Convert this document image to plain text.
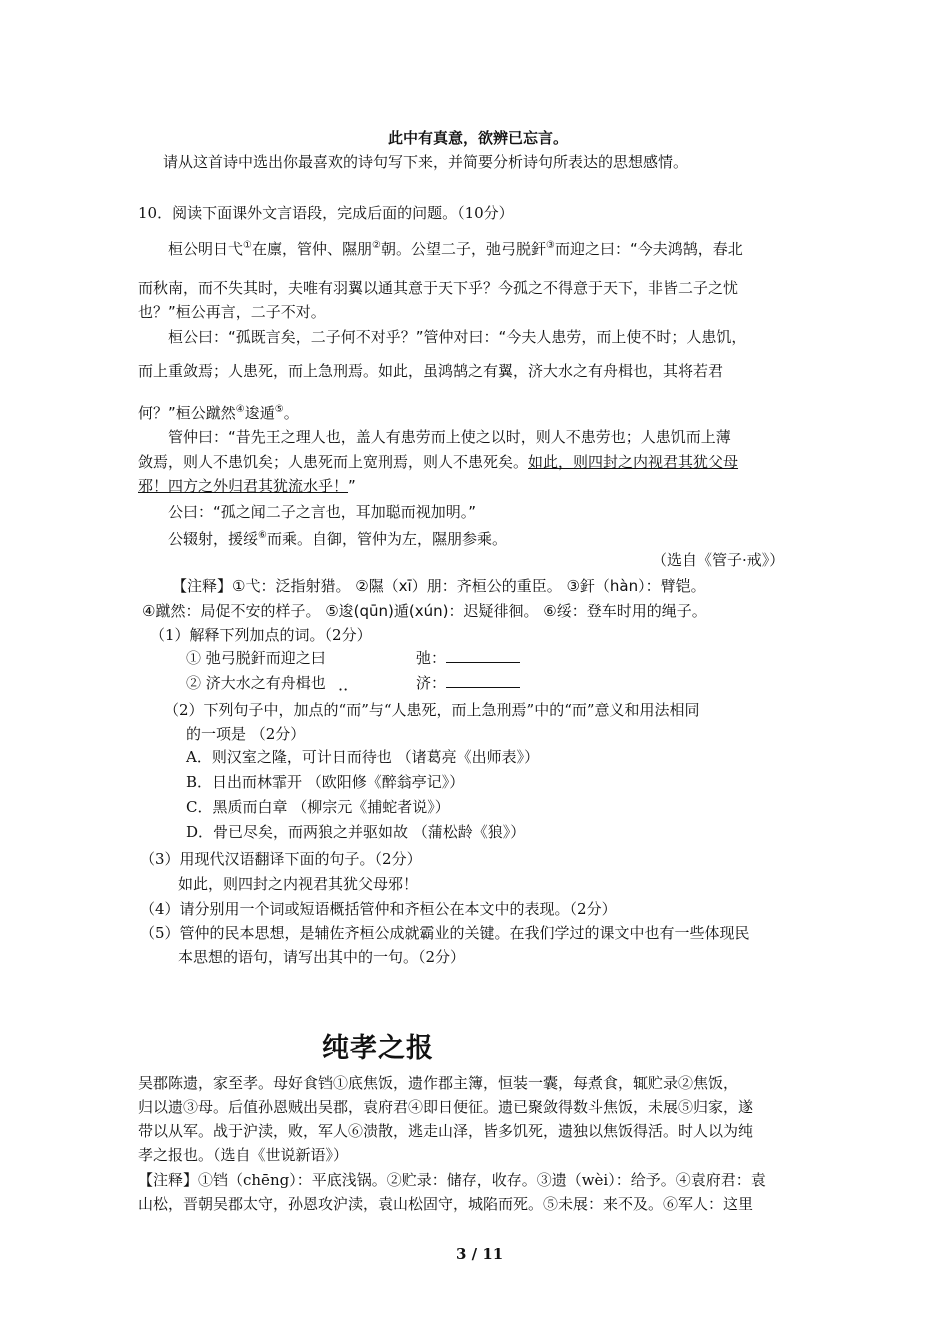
此中有真意，欲辨已忘言。
请从这首诗中选出你最喜欢的诗句写下来，并简要分析诗句所表达的思想感情。
10．阅读下面课外文言语段，完成后面的问题。（10分）
桓公明日弋①在廪，管仲、隰朋②朝。公望二子，弛弓脱釬③而迎之曰：“今夫鸿鹄，春北
而秋南，而不失其时，夫唯有羽翼以通其意于天下乎？今孤之不得意于天下，非皆二子之忧
也？”桓公再言，二子不对。
桓公曰：“孤既言矣，二子何不对乎？”管仲对曰：“今夫人患劳，而上使不时；人患饥，
而上重敛焉；人患死，而上急刑焉。如此，虽鸿鹄之有翼，济大水之有舟楫也，其将若君
何？”桓公蹴然④逡遁⑤。
管仲曰：“昔先王之理人也，盖人有患劳而上使之以时，则人不患劳也；人患饥而上薄
敛焉，则人不患饥矣；人患死而上宽刑焉，则人不患死矣。如此，则四封之内视君其犹父母
邪！四方之外归君其犹流水乎！”
公曰：“孤之闻二子之言也，耳加聪而视加明。”
公辍射，援绥⑥而乘。自御，管仲为左，隰朋参乘。
（选自《管子·戒》）
【注释】①弋：泛指射猎。 ②隰（xī）朋：齐桓公的重臣。 ③釬（hàn）：臂铠。
④蹴然：局促不安的样子。 ⑤逡(qūn)遁(xún)：迟疑徘徊。 ⑥绥：登车时用的绳子。
（1）解释下列加点的词。（2分）
① 弛弓脱釬而迎之曰	弛：
② 济大水之有舟楫也 ··	济：
（2）下列句子中，加点的“而”与“人患死，而上急刑焉”中的“而”意义和用法相同
的一项是 （2分）
A．则汉室之隆，可计日而待也 （诸葛亮《出师表》）
B．日出而林霏开 （欧阳修《醉翁亭记》）
C．黑质而白章 （柳宗元《捕蛇者说》）
D．骨已尽矣，而两狼之并驱如故 （蒲松龄《狼》）
（3）用现代汉语翻译下面的句子。（2分）
如此，则四封之内视君其犹父母邪！
（4）请分别用一个词或短语概括管仲和齐桓公在本文中的表现。（2分）
（5）管仲的民本思想，是辅佐齐桓公成就霸业的关键。在我们学过的课文中也有一些体现民
本思想的语句，请写出其中的一句。（2分）
纯孝之报
吴郡陈遗，家至孝。母好食铛①底焦饭，遗作郡主簿，恒装一囊，每煮食，辄贮录②焦饭，
归以遗③母。后值孙恩贼出吴郡，袁府君④即日便征。遗已聚敛得数斗焦饭，未展⑤归家，遂
带以从军。战于沪渎，败，军人⑥溃散，逃走山泽，皆多饥死，遗独以焦饭得活。时人以为纯
孝之报也。（选自《世说新语》）
【注释】①铛（chēng）：平底浅锅。②贮录：储存，收存。③遗（wèi）：给予。④袁府君：袁
山松，晋朝吴郡太守，孙恩攻沪渎，袁山松固守，城陷而死。⑤未展：来不及。⑥军人：这里
3 / 11
